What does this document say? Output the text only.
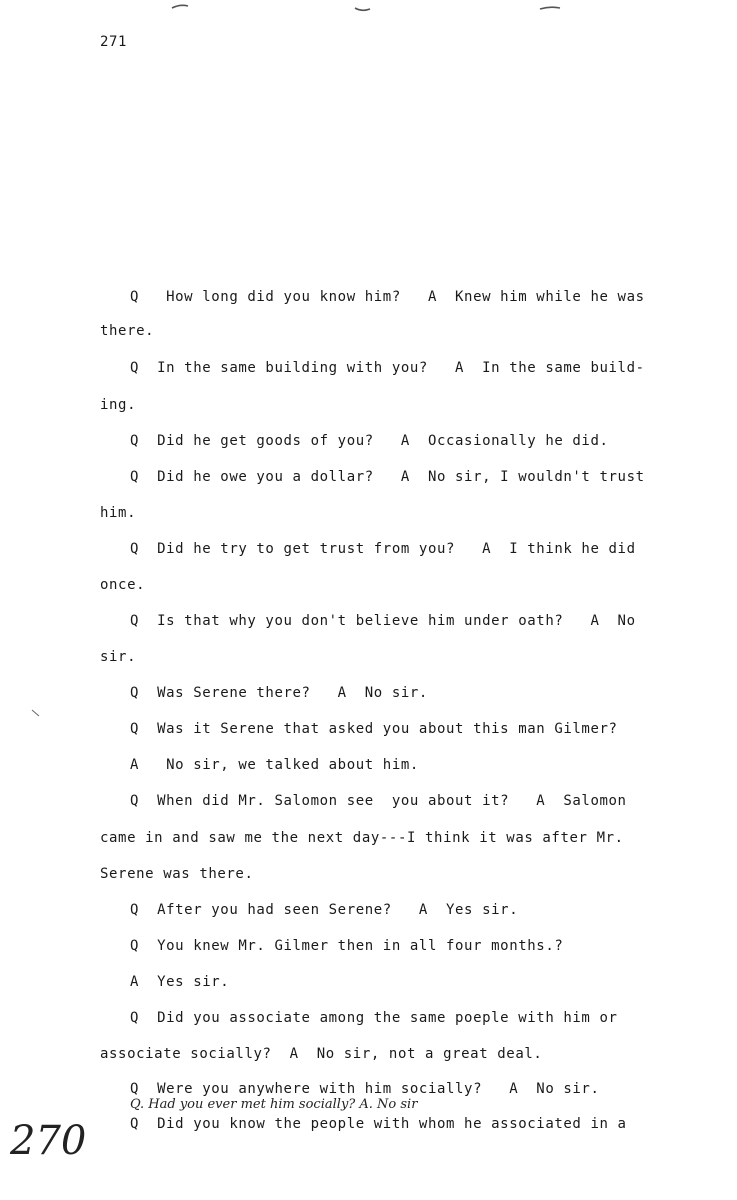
271
Q   How long did you know him?   A  Knew him while he was
there.
Q  In the same building with you?   A  In the same build-
ing.
Q  Did he get goods of you?   A  Occasionally he did.
Q  Did he owe you a dollar?   A  No sir, I wouldn't trust
him.
Q  Did he try to get trust from you?   A  I think he did
once.
Q  Is that why you don't believe him under oath?   A  No
sir.
Q  Was Serene there?   A  No sir.
Q  Was it Serene that asked you about this man Gilmer?
A   No sir, we talked about him.
Q  When did Mr. Salomon see  you about it?   A  Salomon
came in and saw me the next day---I think it was after Mr.
Serene was there.
Q  After you had seen Serene?   A  Yes sir.
Q  You knew Mr. Gilmer then in all four months.?
A  Yes sir.
Q  Did you associate among the same poeple with him or
associate socially?  A  No sir, not a great deal.
Q  Were you anywhere with him socially?   A  No sir.
Q. Had you ever met him socially? A. No sir
Q  Did you know the people with whom he associated in a
270
